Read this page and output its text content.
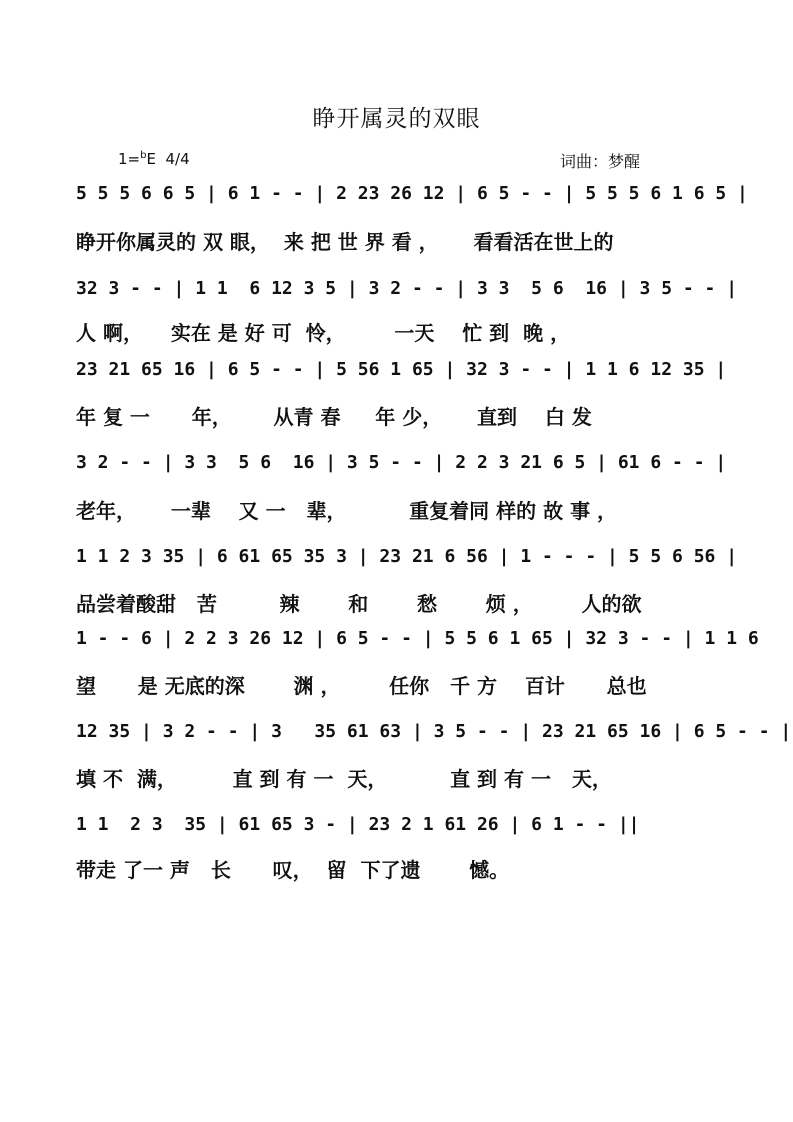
睁开属灵的双眼
1=$^b$E 4/4	词曲：梦醒
5 5 5 6 6 5 | 6 1 - - | 2 23 26 12 | 6 5 - - | 5 5 5 6 1 6 5 |
睁开你属灵的 双 眼，  来 把 世 界 看 ，     看看活在世上的
32 3 - - | 1 1  6 12 3 5 | 3 2 - - | 3 3  5 6  16 | 3 5 - - |
人 啊，    实在 是 好 可  怜，       一天    忙 到  晚 ，
23 21 65 16 | 6 5 - - | 5 56 1 65 | 32 3 - - | 1 1 6 12 35 |
年 复 一      年，      从青 春     年 少，     直到    白 发
3 2 - - | 3 3  5 6  16 | 3 5 - - | 2 2 3 21 6 5 | 61 6 - - |
老年，     一辈    又 一   辈，         重复着同 样的 故 事 ，
1 1 2 3 35 | 6 61 65 35 3 | 23 21 6 56 | 1 - - - | 5 5 6 56 |
品尝着酸甜   苦         辣       和       愁       烦 ，       人的欲
1 - - 6 | 2 2 3 26 12 | 6 5 - - | 5 5 6 1 65 | 32 3 - - | 1 1 6
望      是 无底的深       渊 ，       任你   千 方    百计      总也
12 35 | 3 2 - - | 3   35 61 63 | 3 5 - - | 23 21 65 16 | 6 5 - - |
填 不  满，        直 到 有 一  天，         直 到 有 一   天，
1 1  2 3  35 | 61 65 3 - | 23 2 1 61 26 | 6 1 - - ||
带走 了一 声   长      叹，  留  下了遗       憾。
